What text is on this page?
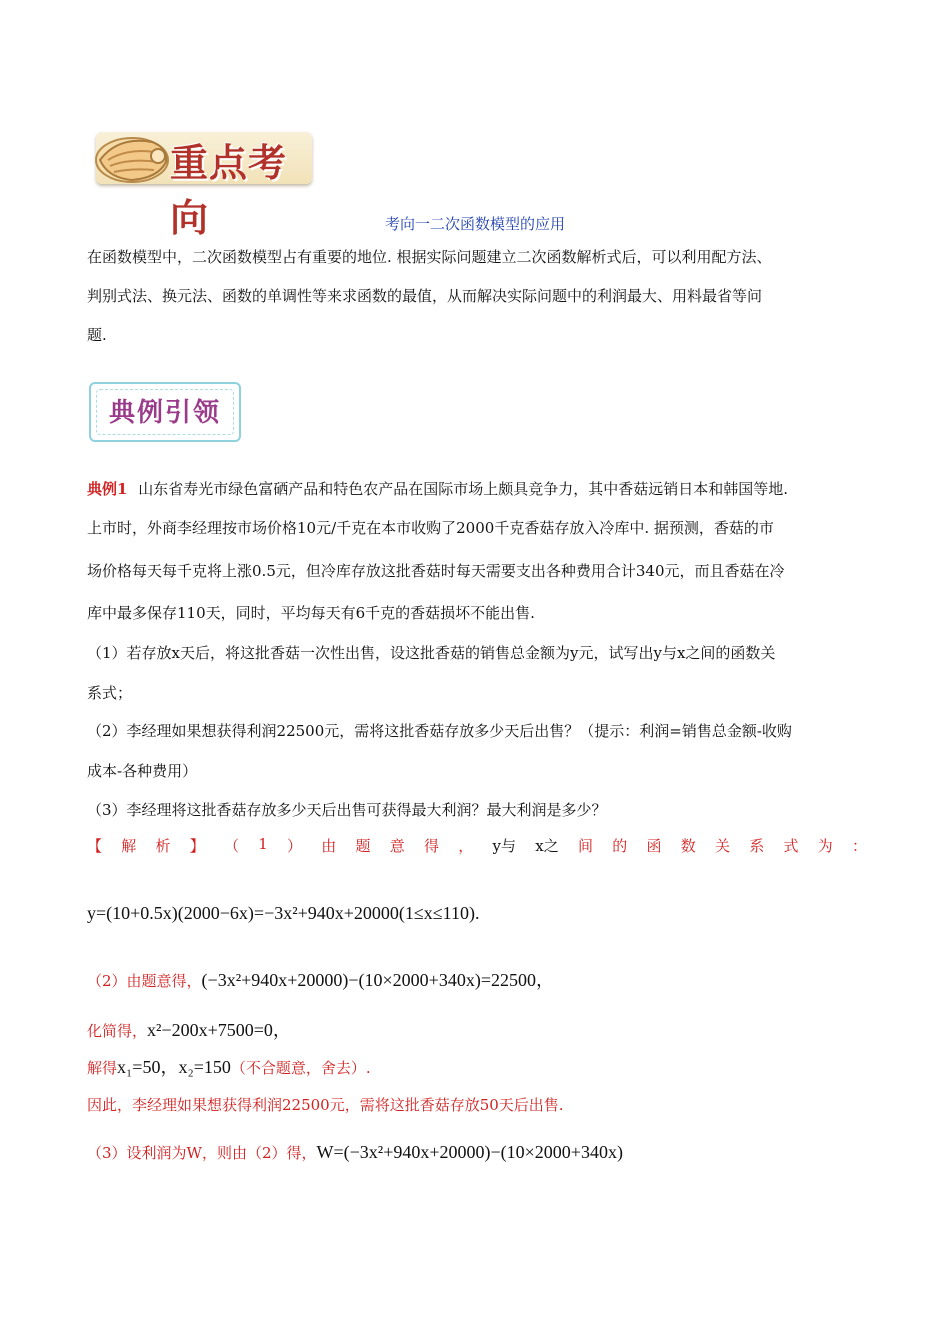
重点考向	考向一二次函数模型的应用
在函数模型中，二次函数模型占有重要的地位. 根据实际问题建立二次函数解析式后，可以利用配方法、
判别式法、换元法、函数的单调性等来求函数的最值，从而解决实际问题中的利润最大、用料最省等问
题.
典例引领
典例1 山东省寿光市绿色富硒产品和特色农产品在国际市场上颇具竞争力，其中香菇远销日本和韩国等地.
上市时，外商李经理按市场价格10元/千克在本市收购了2000千克香菇存放入冷库中. 据预测，香菇的市
场价格每天每千克将上涨0.5元，但冷库存放这批香菇时每天需要支出各种费用合计340元，而且香菇在冷
库中最多保存110天，同时，平均每天有6千克的香菇损坏不能出售.
（1）若存放x天后，将这批香菇一次性出售，设这批香菇的销售总金额为y元，试写出y与x之间的函数关
系式；
（2）李经理如果想获得利润22500元，需将这批香菇存放多少天后出售？（提示：利润=销售总金额-收购
成本-各种费用）
（3）李经理将这批香菇存放多少天后出售可获得最大利润？最大利润是多少？
【 解 析 】 （ 1 ） 由 题 意 得 ， y与 x之 间 的 函 数 关 系 式 为 ：
y=(10+0.5x)(2000−6x)=−3x²+940x+20000(1≤x≤110).
（2）由题意得，(−3x²+940x+20000)−(10×2000+340x)=22500，
化简得，x²−200x+7500=0，
解得x₁=50，x₂=150（不合题意，舍去）.
因此，李经理如果想获得利润22500元，需将这批香菇存放50天后出售.
（3）设利润为W，则由（2）得，W=(−3x²+940x+20000)−(10×2000+340x)
